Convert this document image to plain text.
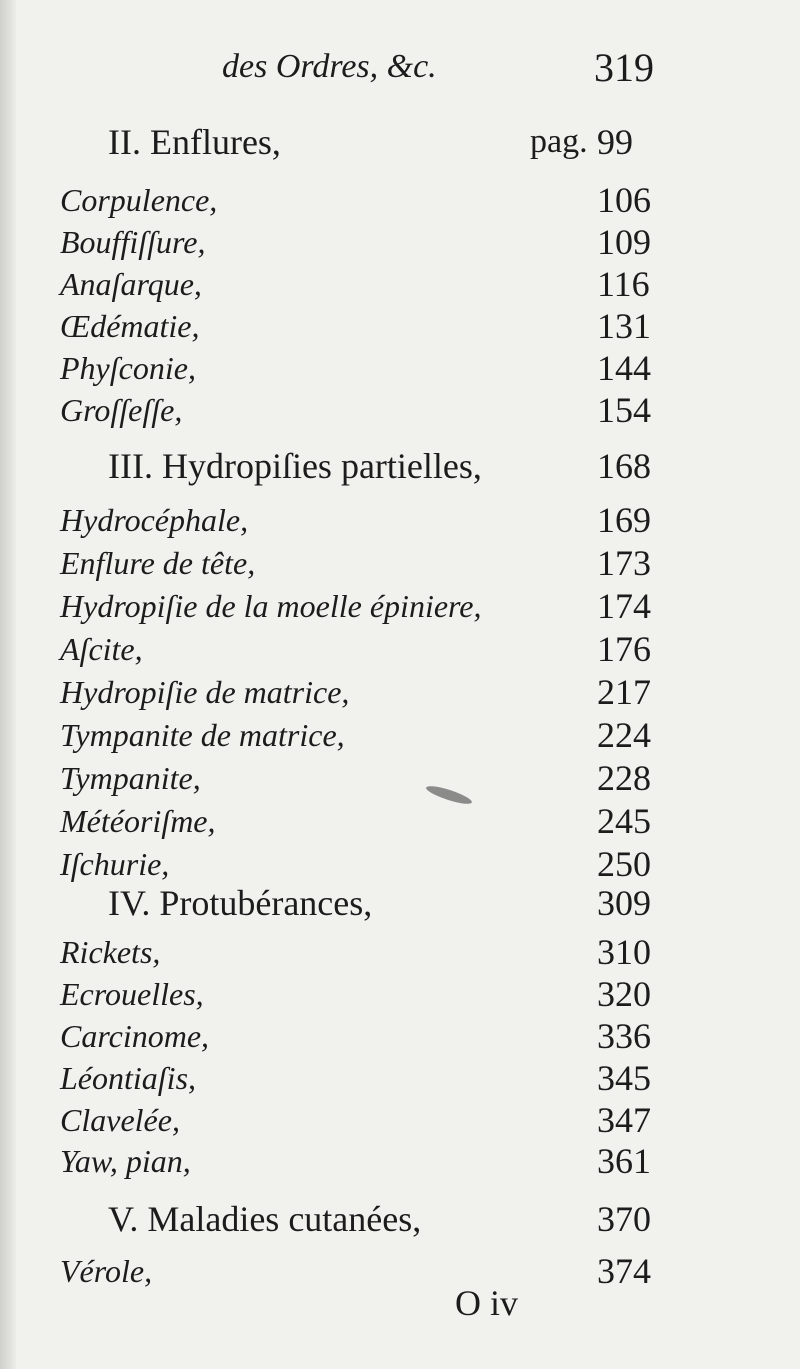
des Ordres, &c.	319
II. Enflures,	pag. 99
Corpulence,	106
Bouffiſſure,	109
Anaſarque,	116
Œdématie,	131
Phyſconie,	144
Groſſeſſe,	154
III. Hydropiſies partielles,	168
Hydrocéphale,	169
Enflure de tête,	173
Hydropiſie de la moelle épiniere,	174
Aſcite,	176
Hydropiſie de matrice,	217
Tympanite de matrice,	224
Tympanite,	228
Météoriſme,	245
Iſchurie,	250
IV. Protubérances,	309
Rickets,	310
Ecrouelles,	320
Carcinome,	336
Léontiaſis,	345
Clavelée,	347
Yaw, pian,	361
V. Maladies cutanées,	370
Vérole,	374
O iv
